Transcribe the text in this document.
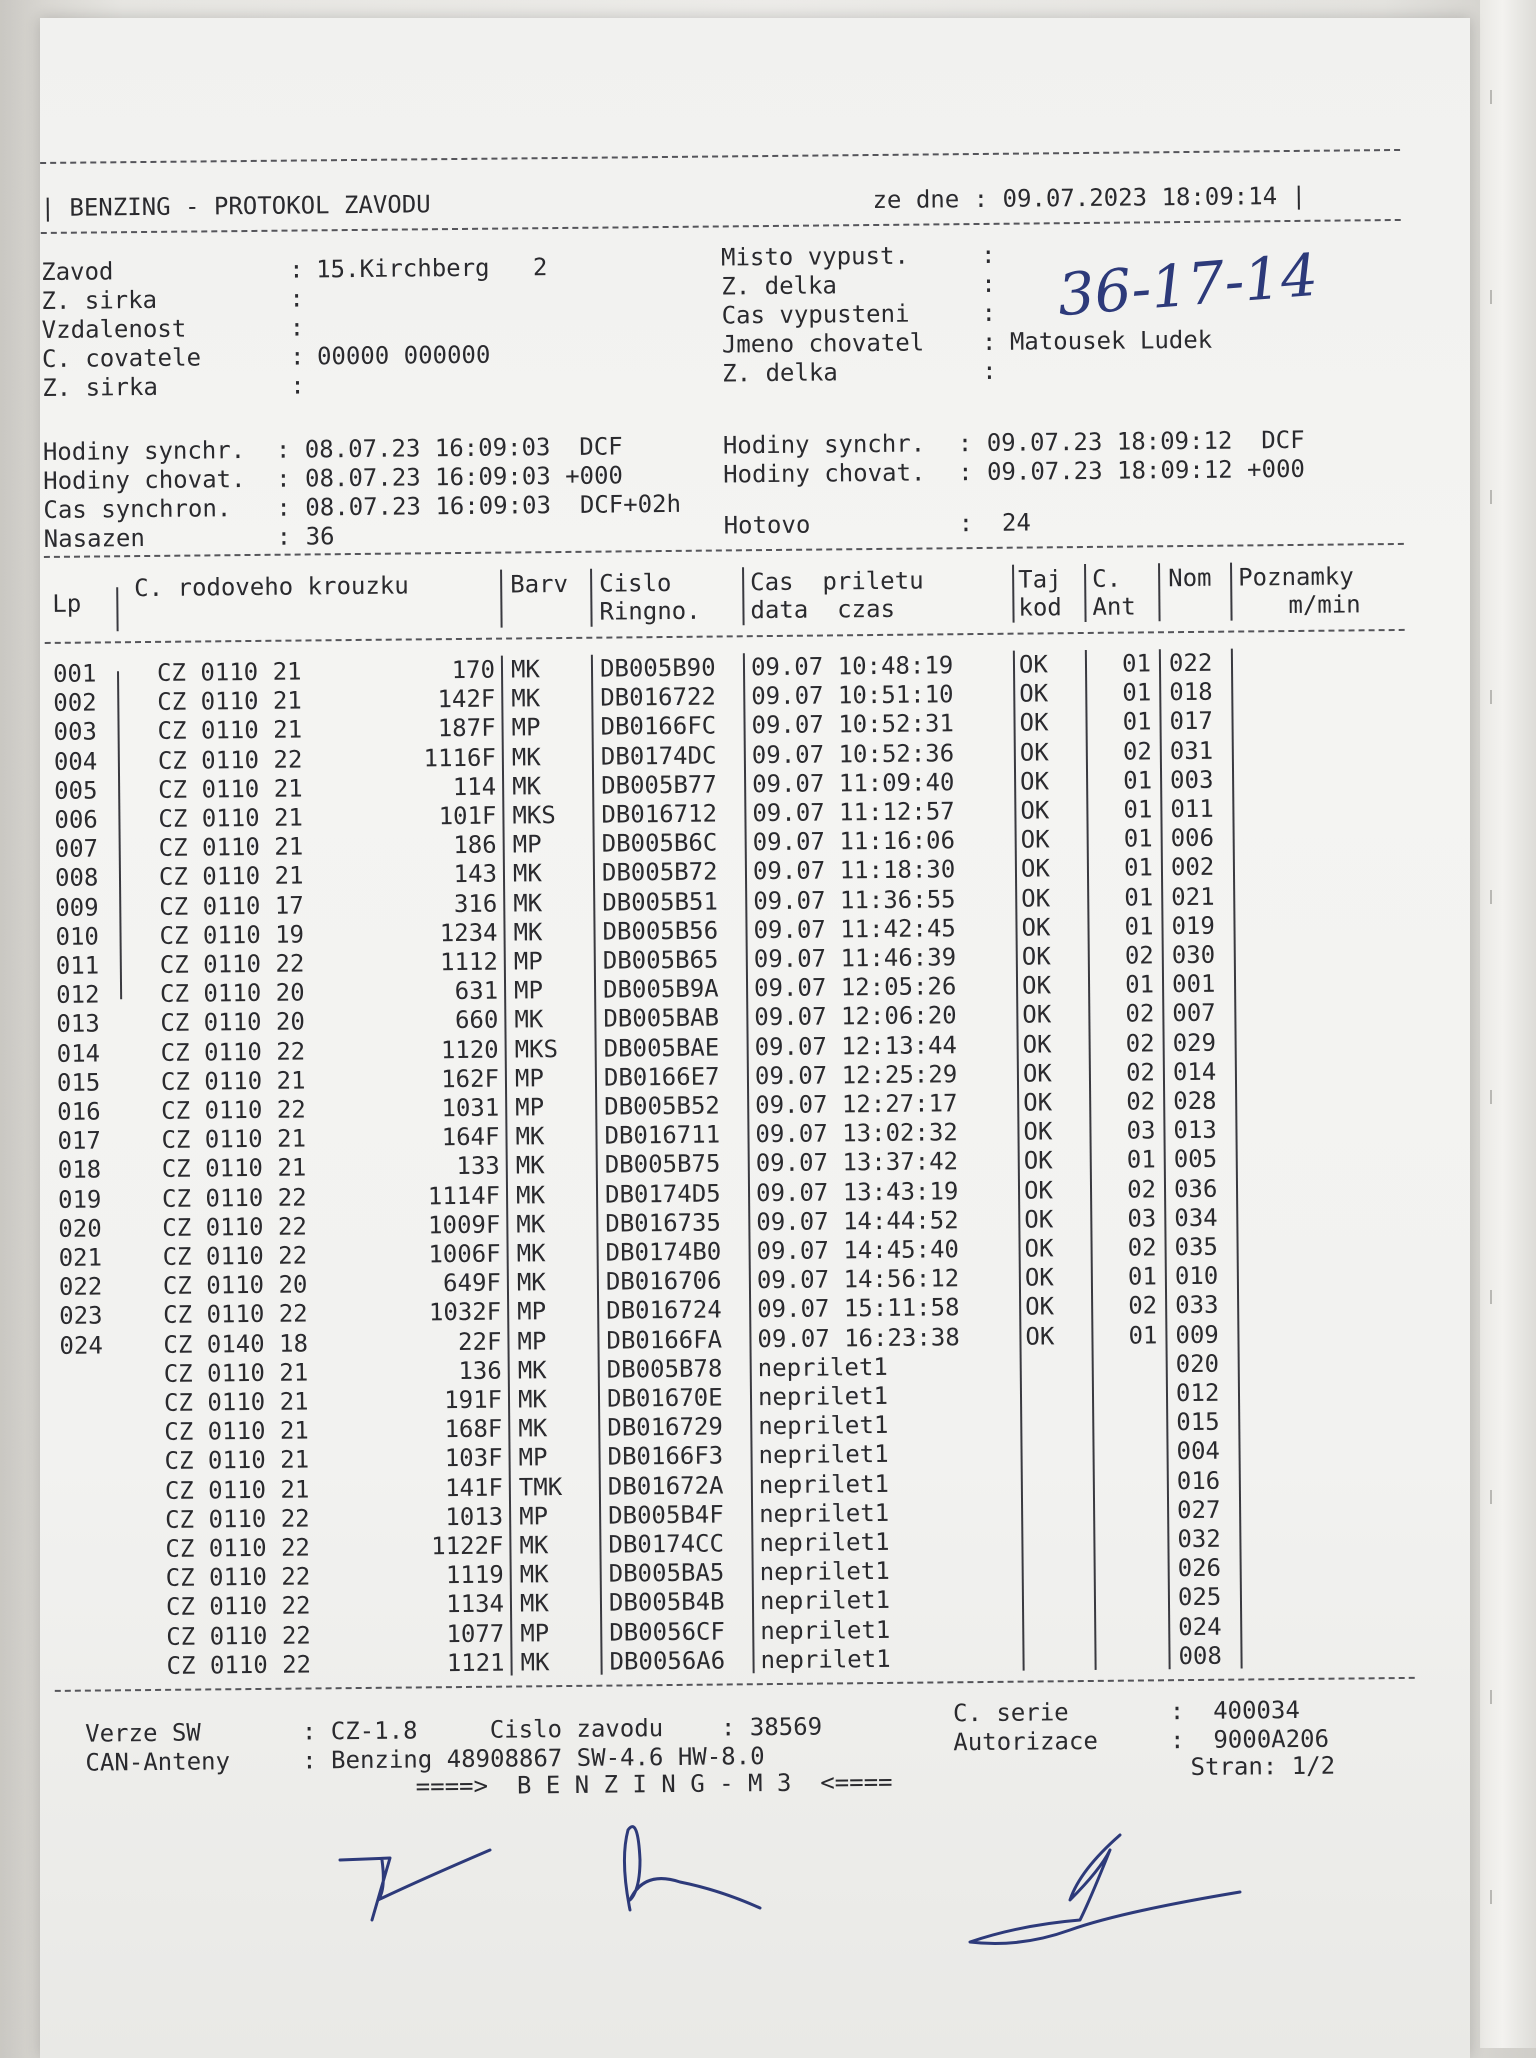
| BENZING - PROTOKOL ZAVODU	ze dne : 09.07.2023 18:09:14 |
Zavod	: 15.Kirchberg   2
Z. sirka	:
Vzdalenost	:
C. covatele	: 00000 000000
Z. sirka	:
Misto vypust.	:
Z. delka	:
Cas vypusteni	:
Jmeno chovatel : Matousek Ludek
Z. delka	:
36-17-14
Hodiny synchr. : 08.07.23 16:09:03  DCF
Hodiny chovat. : 08.07.23 16:09:03 +000
Cas synchron. : 08.07.23 16:09:03  DCF+02h
Nasazen	: 36
Hodiny synchr. : 09.07.23 18:09:12  DCF
Hodiny chovat. : 09.07.23 18:09:12 +000
Hotovo	:  24
Lp
C. rodoveho krouzku	Barv Cislo
Ringno.
Cas  priletu
data  czas
Taj
kod
C.
Ant
Nom Poznamky
m/min
001	CZ 0110 21	170 MK DB005B90 09.07 10:48:19	OK	01 022
002	CZ 0110 21	142F MK DB016722 09.07 10:51:10	OK	01 018
003	CZ 0110 21	187F MP DB0166FC 09.07 10:52:31	OK	01 017
004	CZ 0110 22	1116F MK DB0174DC 09.07 10:52:36	OK	02 031
005	CZ 0110 21	114 MK DB005B77 09.07 11:09:40	OK	01 003
006	CZ 0110 21	101F MKS DB016712 09.07 11:12:57	OK	01 011
007	CZ 0110 21	186 MP DB005B6C 09.07 11:16:06	OK	01 006
008	CZ 0110 21	143 MK DB005B72 09.07 11:18:30	OK	01 002
009	CZ 0110 17	316 MK DB005B51 09.07 11:36:55	OK	01 021
010	CZ 0110 19	1234 MK DB005B56 09.07 11:42:45	OK	01 019
011	CZ 0110 22	1112 MP DB005B65 09.07 11:46:39	OK	02 030
012	CZ 0110 20	631 MP DB005B9A 09.07 12:05:26	OK	01 001
013	CZ 0110 20	660 MK DB005BAB 09.07 12:06:20	OK	02 007
014	CZ 0110 22	1120 MKS DB005BAE 09.07 12:13:44	OK	02 029
015	CZ 0110 21	162F MP DB0166E7 09.07 12:25:29	OK	02 014
016	CZ 0110 22	1031 MP DB005B52 09.07 12:27:17	OK	02 028
017	CZ 0110 21	164F MK DB016711 09.07 13:02:32	OK	03 013
018	CZ 0110 21	133 MK DB005B75 09.07 13:37:42	OK	01 005
019	CZ 0110 22	1114F MK DB0174D5 09.07 13:43:19	OK	02 036
020	CZ 0110 22	1009F MK DB016735 09.07 14:44:52	OK	03 034
021	CZ 0110 22	1006F MK DB0174B0 09.07 14:45:40	OK	02 035
022	CZ 0110 20	649F MK DB016706 09.07 14:56:12	OK	01 010
023	CZ 0110 22	1032F MP DB016724 09.07 15:11:58	OK	02 033
024	CZ 0140 18	22F MP DB0166FA 09.07 16:23:38	OK	01 009
CZ 0110 21	136 MK DB005B78 neprilet1	020
CZ 0110 21	191F MK DB01670E neprilet1	012
CZ 0110 21	168F MK DB016729 neprilet1	015
CZ 0110 21	103F MP DB0166F3 neprilet1	004
CZ 0110 21	141F TMK DB01672A neprilet1	016
CZ 0110 22	1013 MP DB005B4F neprilet1	027
CZ 0110 22	1122F MK DB0174CC neprilet1	032
CZ 0110 22	1119 MK DB005BA5 neprilet1	026
CZ 0110 22	1134 MK DB005B4B neprilet1	025
CZ 0110 22	1077 MP DB0056CF neprilet1	024
CZ 0110 22	1121 MK DB0056A6 neprilet1	008
Verze SW       : CZ-1.8     Cislo zavodu    : 38569
C. serie       :  400034
CAN-Anteny     : Benzing 48908867 SW-4.6 HW-8.0
Autorizace     :  9000A206
====>  B E N Z I N G - M 3  <====
Stran: 1/2
